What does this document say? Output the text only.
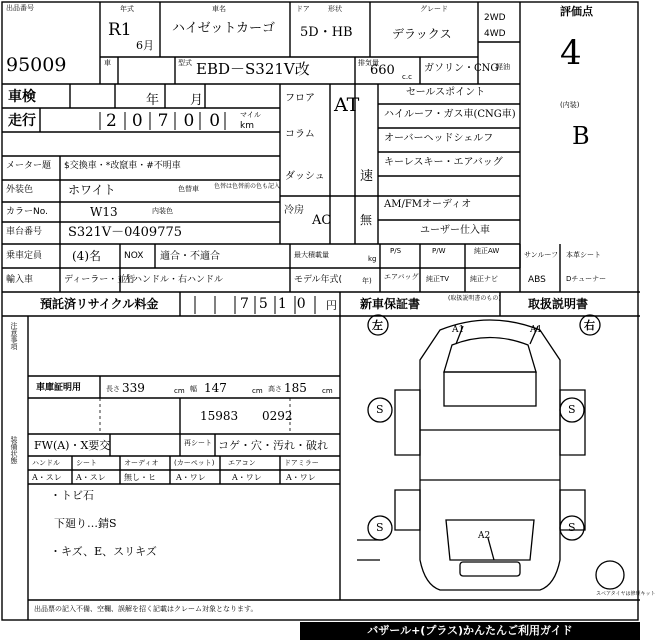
出品番号
95009
年式
R1
6月
車名
ハイゼットカーゴ
ドア	形状
5D・HB
グレード
デラックス
2WD
4WD
評価点
4
車	型式 EBD－S321V改	排気量
660 c.c
ガソリン・CNG
軽油
車検	年 月	フロア AT
コラム
ダッシュ	速
走行	20700 マイル
km
メーター題 $交換車・*改竄車・#不明車
外装色	ホワイト	色替車	色替は色替前の色も記入
カラーNo.	W13	内装色
車台番号 S321V－0409775
冷房
AC 無
セールスポイント
ハイルーフ・ガス車(CNG車)
オーバーヘッドシェルフ
キーレスキー・エアバッグ
AM/FMオーディオ
ユーザー仕入車
(内装)
B
乗車定員 (4)名	NOX 適合・不適合	最大積載量	kg
輸入車	ディーラー・並行
左ハンドル・右ハンドル	モデル年式(	年)
P/S	P/W	純正AW	サンルーフ 本革シート
エアバッグ 純正TV	純正ナビ	ABS	Dチューナー
預託済リサイクル料金	7510 円 新車保証書	(取扱説明書のもの) 取扱説明書
注意事項
装備状態
車庫証明用	長さ 339	cm 幅 147	cm 高さ 185 cm
15983 0292
FW(A)・X要交	再シート コゲ・穴・汚れ・破れ
ハンドル シート	オーディオ (カーペット) エアコン	ドアミラー
A・スレ A・スレ 無し・ヒ	A・ワレ	A・ワレ	A・ワレ
・トビ石
下廻り…錆S
・キズ、E、スリキズ
左	右
A1	A1
A2
S
S
S
S
スペアタイヤは修理キット
出品票の記入不備、空欄、誤解を招く記載はクレーム対象となります。
バザール+(プラス)かんたんご利用ガイド
